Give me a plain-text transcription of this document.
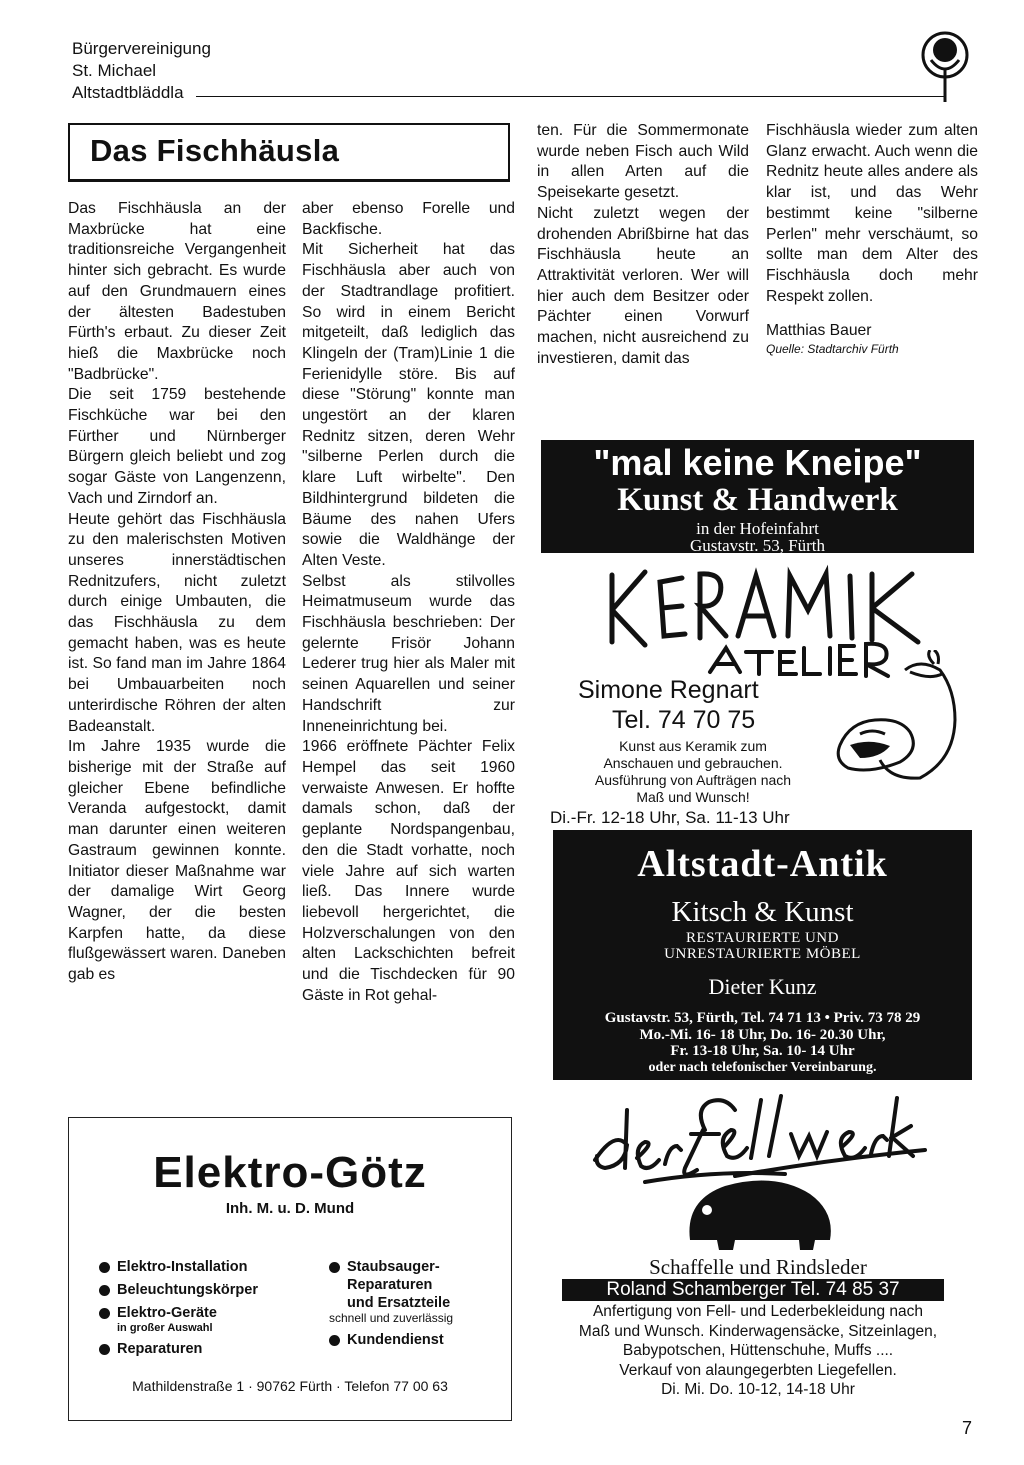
Bürgervereinigung
St. Michael
Altstadtbläddla
Das Fischhäusla

Das Fischhäusla an der Maxbrücke hat eine traditionsreiche Vergangenheit hinter sich gebracht. Es wurde auf den Grundmauern eines der ältesten Badestuben Fürth's erbaut. Zu dieser Zeit hieß die Maxbrücke noch "Badbrücke".

Die seit 1759 bestehende Fischküche war bei den Fürther und Nürnberger Bürgern gleich beliebt und zog sogar Gäste von Langenzenn, Vach und Zirndorf an.

Heute gehört das Fischhäusla zu den malerischsten Motiven unseres innerstädtischen Rednitzufers, nicht zuletzt durch einige Umbauten, die das Fischhäusla zu dem gemacht haben, was es heute ist. So fand man im Jahre 1864 bei Umbauarbeiten noch unterirdische Röhren der alten Badeanstalt.

Im Jahre 1935 wurde die bisherige mit der Straße auf gleicher Ebene befindliche Veranda aufgestockt, damit man darunter einen weiteren Gastraum gewinnen konnte. Initiator dieser Maßnahme war der damalige Wirt Georg Wagner, der die besten Karpfen hatte, da diese flußgewässert waren. Daneben gab es

aber ebenso Forelle und Backfische.

Mit Sicherheit hat das Fischhäusla aber auch von der Stadtrandlage profitiert. So wird in einem Bericht mitgeteilt, daß lediglich das Klingeln der (Tram)Linie 1 die Ferienidylle störe. Bis auf diese "Störung" konnte man ungestört an der klaren Rednitz sitzen, deren Wehr "silberne Perlen durch die klare Luft wirbelte". Den Bildhintergrund bildeten die Bäume des nahen Ufers sowie die Waldhänge der Alten Veste.

Selbst als stilvolles Heimatmuseum wurde das Fischhäusla beschrieben: Der gelernte Frisör Johann Lederer trug hier als Maler mit seinen Aquarellen und seiner Handschrift zur Inneneinrichtung bei.

1966 eröffnete Pächter Felix Hempel das seit 1960 verwaiste Anwesen. Er hoffte damals schon, daß der geplante Nordspangenbau, den die Stadt vorhatte, noch viele Jahre auf sich warten ließ. Das Innere wurde liebevoll hergerichtet, die Holzverschalungen von den alten Lackschichten befreit und die Tischdecken für 90 Gäste in Rot gehal-

ten. Für die Sommermonate wurde neben Fisch auch Wild in allen Arten auf die Speisekarte gesetzt.

Nicht zuletzt wegen der drohenden Abrißbirne hat das Fischhäusla heute an Attraktivität verloren. Wer will hier auch dem Besitzer oder Pächter einen Vorwurf machen, nicht ausreichend zu investieren, damit das

Fischhäusla wieder zum alten Glanz erwacht. Auch wenn die Rednitz heute alles andere als klar ist, und das Wehr bestimmt keine "silberne Perlen" mehr verschäumt, so sollte man dem Alter des Fischhäusla doch mehr Respekt zollen.

Matthias Bauer

Quelle: Stadtarchiv Fürth

"mal keine Kneipe"
Kunst & Handwerk
in der Hofeinfahrt
Gustavstr. 53, Fürth
Simone Regnart
Tel. 74 70 75
Kunst aus Keramik zum
Anschauen und gebrauchen.
Ausführung von Aufträgen nach
Maß und Wunsch!
Di.-Fr. 12-18 Uhr, Sa. 11-13 Uhr
Altstadt-Antik
Kitsch & Kunst
RESTAURIERTE UND
UNRESTAURIERTE MÖBEL
Dieter Kunz
Gustavstr. 53, Fürth, Tel. 74 71 13 • Priv. 73 78 29
Mo.-Mi. 16- 18 Uhr, Do. 16- 20.30 Uhr,
Fr. 13-18 Uhr, Sa. 10- 14 Uhr
oder nach telefonischer Vereinbarung.
Schaffelle und Rindsleder
Roland Schamberger Tel. 74 85 37
Anfertigung von Fell- und Lederbekleidung nach
Maß und Wunsch. Kinderwagensäcke, Sitzeinlagen,
Babypotschen, Hüttenschuhe, Muffs ....
Verkauf von alaungegerbten Liegefellen.
Di. Mi. Do. 10-12, 14-18 Uhr
Elektro-Götz
Inh. M. u. D. Mund
Elektro-Installation
Beleuchtungskörper
Elektro-Geräte
in großer Auswahl
Reparaturen
Staubsauger-
Reparaturen
und Ersatzteile
schnell und zuverlässig
Kundendienst
Mathildenstraße 1 · 90762 Fürth · Telefon 77 00 63
7
